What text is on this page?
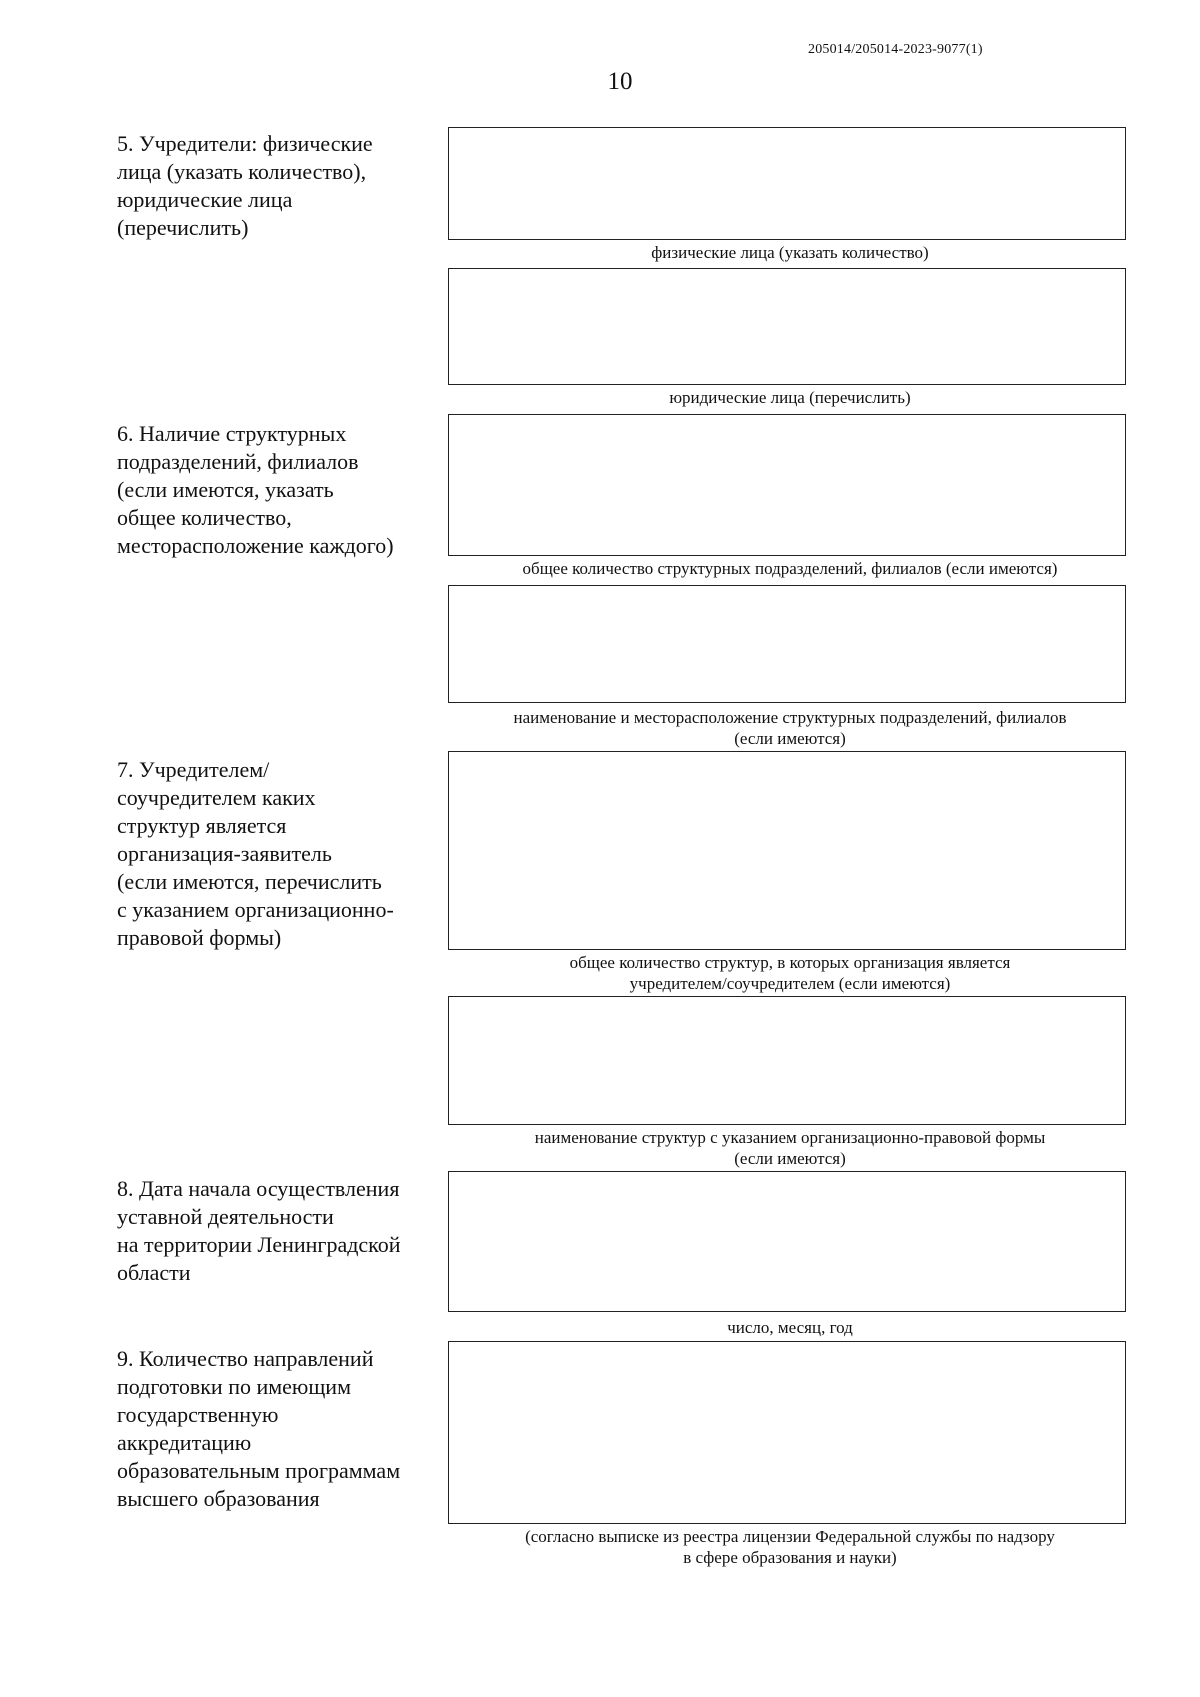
205014/205014-2023-9077(1)
10
5. Учредители: физические
лица (указать количество),
юридические лица
(перечислить)
физические лица (указать количество)
юридические лица (перечислить)
6. Наличие структурных
подразделений, филиалов
(если имеются, указать
общее количество,
месторасположение каждого)
общее количество структурных подразделений, филиалов (если имеются)
наименование и месторасположение структурных подразделений, филиалов
(если имеются)
7. Учредителем/
соучредителем каких
структур является
организация-заявитель
(если имеются, перечислить
с указанием организационно-
правовой формы)
общее количество структур, в которых организация является
учредителем/соучредителем (если имеются)
наименование структур с указанием организационно-правовой формы
(если имеются)
8. Дата начала осуществления
уставной деятельности
на территории Ленинградской
области
число, месяц, год
9. Количество направлений
подготовки по имеющим
государственную
аккредитацию
образовательным программам
высшего образования
(согласно выписке из реестра лицензии Федеральной службы по надзору
в сфере образования и науки)
